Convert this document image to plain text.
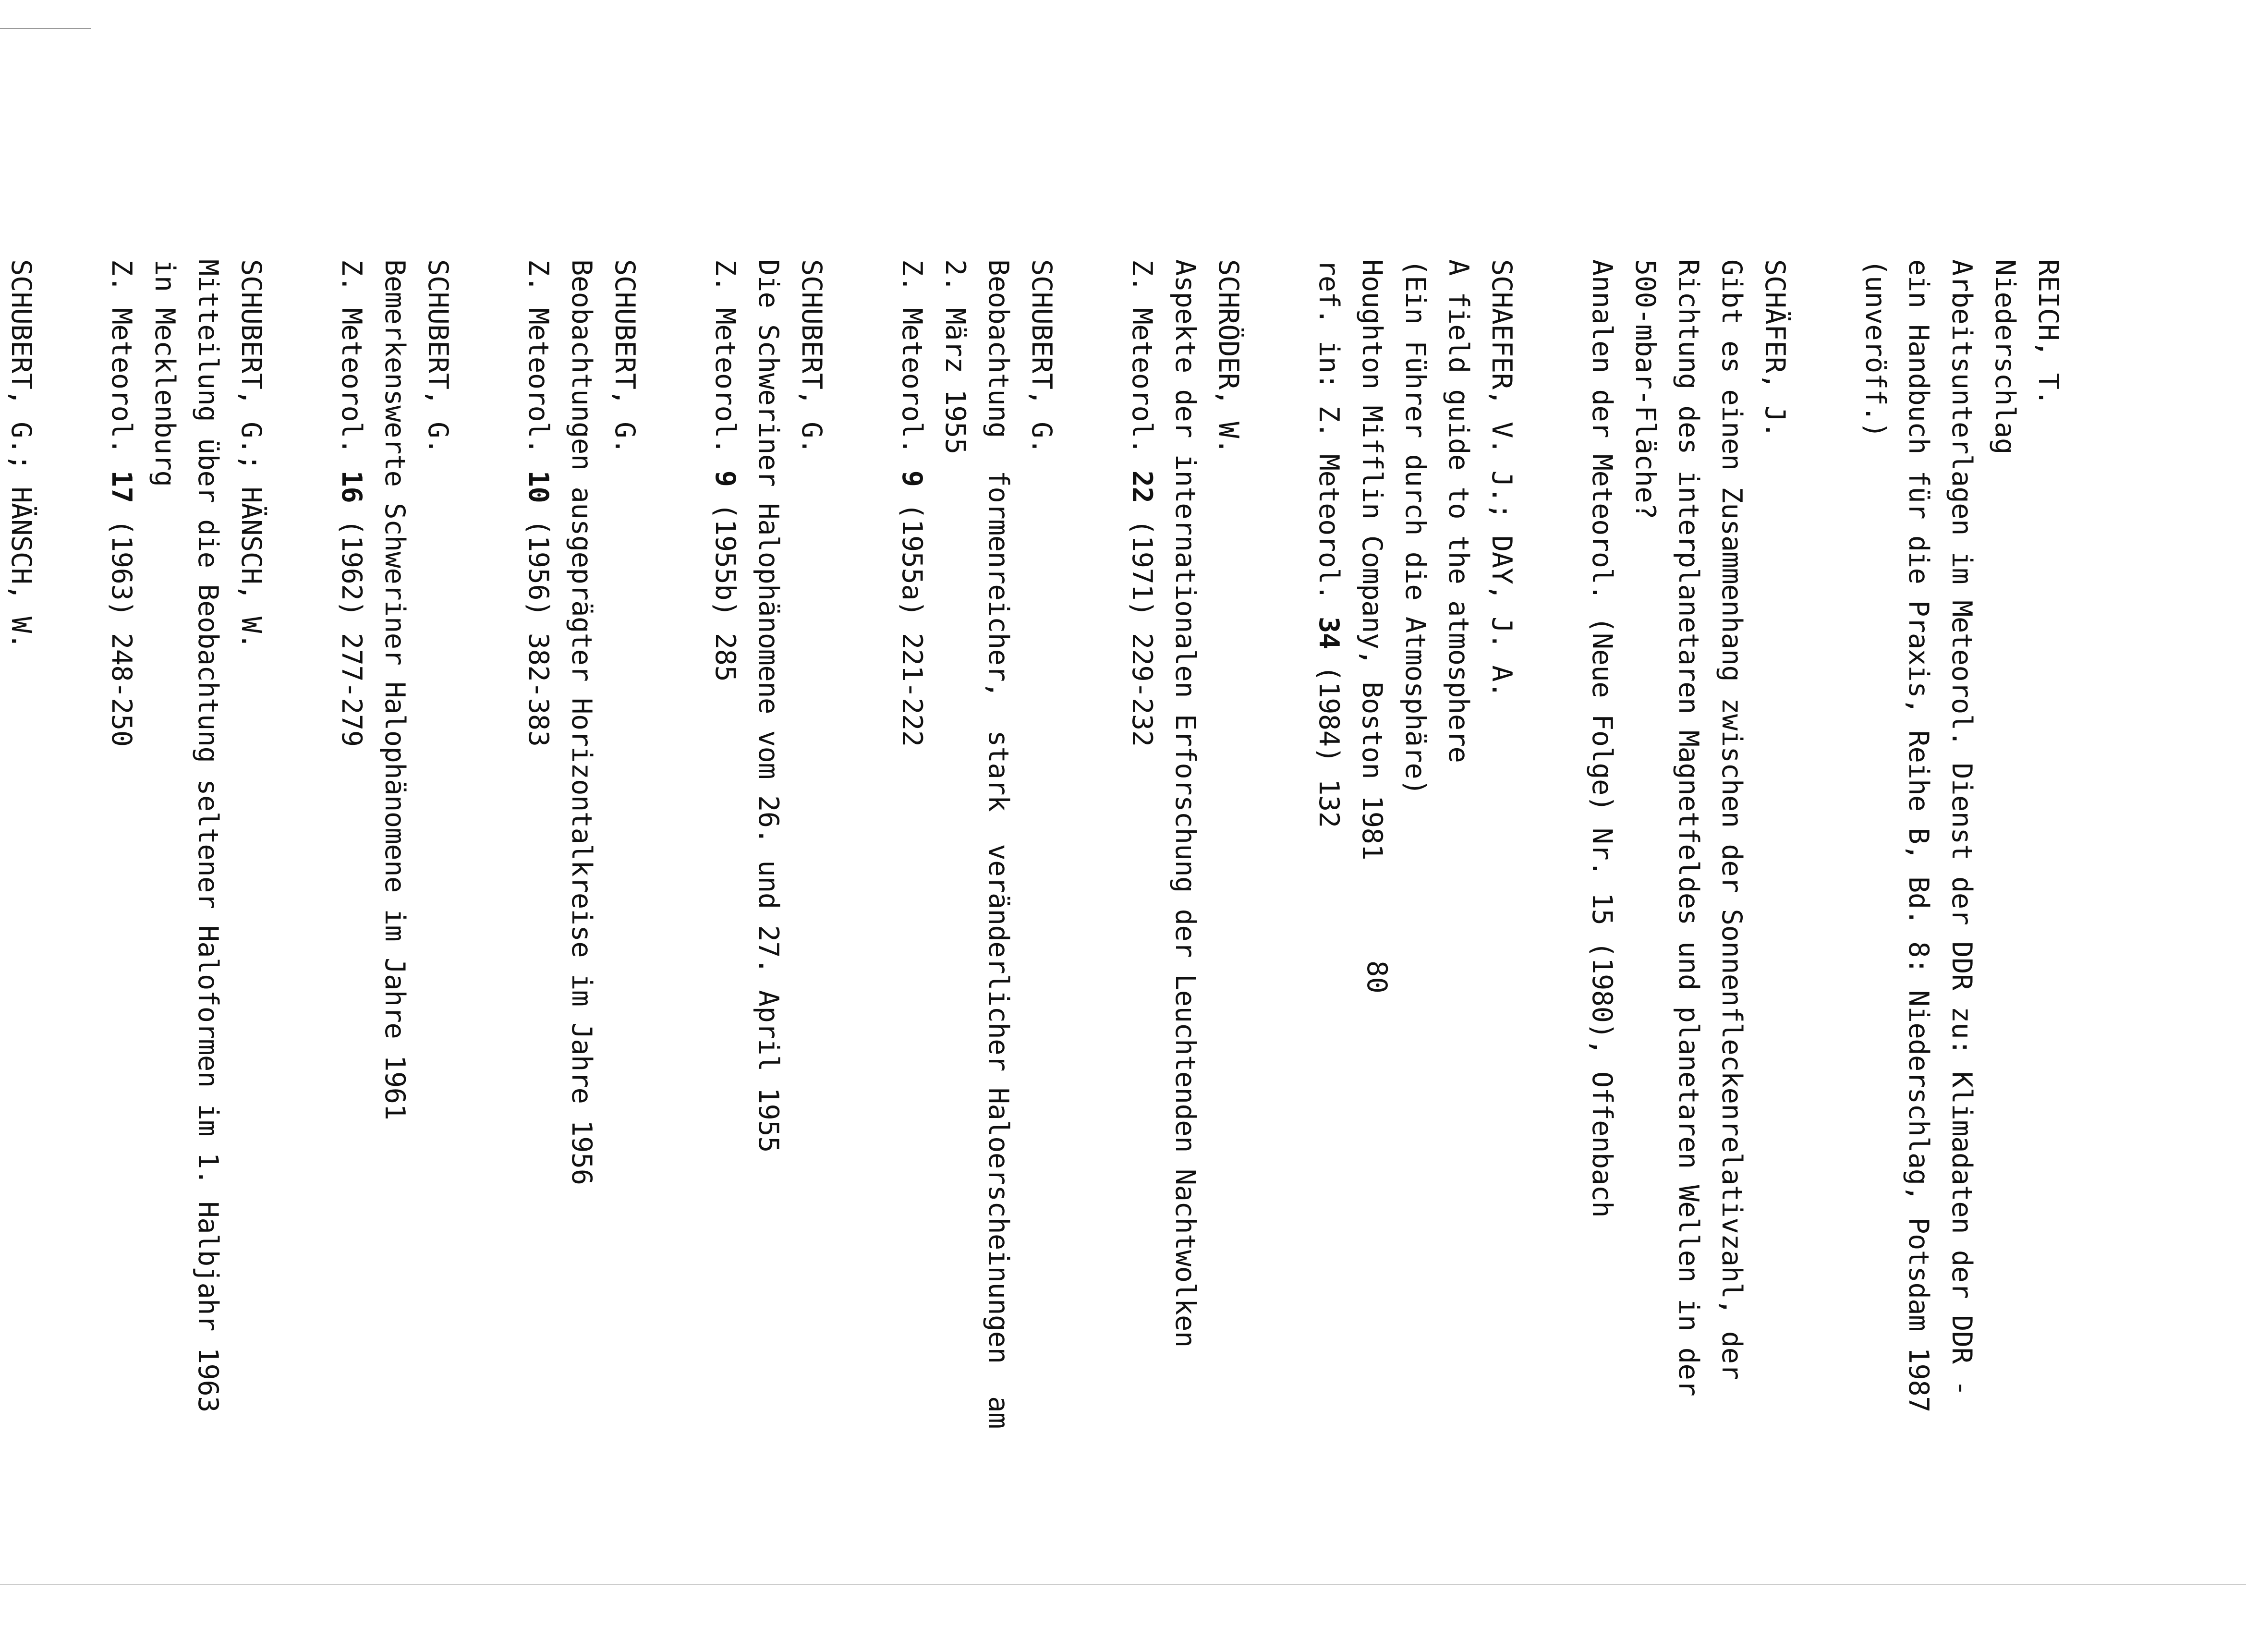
REICH, T.
Niederschlag
Arbeitsunterlagen im Meteorol. Dienst der DDR zu: Klimadaten der DDR -
ein Handbuch für die Praxis, Reihe B, Bd. 8: Niederschlag, Potsdam 1987
(unveröff.)
SCHÄFER, J.
Gibt es einen Zusammenhang zwischen der Sonnenfleckenrelativzahl, der
Richtung des interplanetaren Magnetfeldes und planetaren Wellen in der
500-mbar-Fläche?
Annalen der Meteorol. (Neue Folge) Nr. 15 (1980), Offenbach
SCHAEFER, V. J.; DAY, J. A.
A field guide to the atmosphere
(Ein Führer durch die Atmosphäre)
Houghton Mifflin Company, Boston 1981
ref. in: Z. Meteorol. 34 (1984) 132
SCHRÖDER, W.
Aspekte der internationalen Erforschung der Leuchtenden Nachtwolken
Z. Meteorol. 22 (1971) 229-232
SCHUBERT, G.
Beobachtung  formenreicher,  stark  veränderlicher Haloerscheinungen  am
2. März 1955
Z. Meteorol. 9 (1955a) 221-222
SCHUBERT, G.
Die Schweriner Halophänomene vom 26. und 27. April 1955
Z. Meteorol. 9 (1955b) 285
SCHUBERT, G.
Beobachtungen ausgeprägter Horizontalkreise im Jahre 1956
Z. Meteorol. 10 (1956) 382-383
SCHUBERT, G.
Bemerkenswerte Schweriner Halophänomene im Jahre 1961
Z. Meteorol. 16 (1962) 277-279
SCHUBERT, G.; HÄNSCH, W.
Mitteilung über die Beobachtung seltener Haloformen im 1. Halbjahr 1963
in Mecklenburg
Z. Meteorol. 17 (1963) 248-250
SCHUBERT, G.; HÄNSCH, W.
80
